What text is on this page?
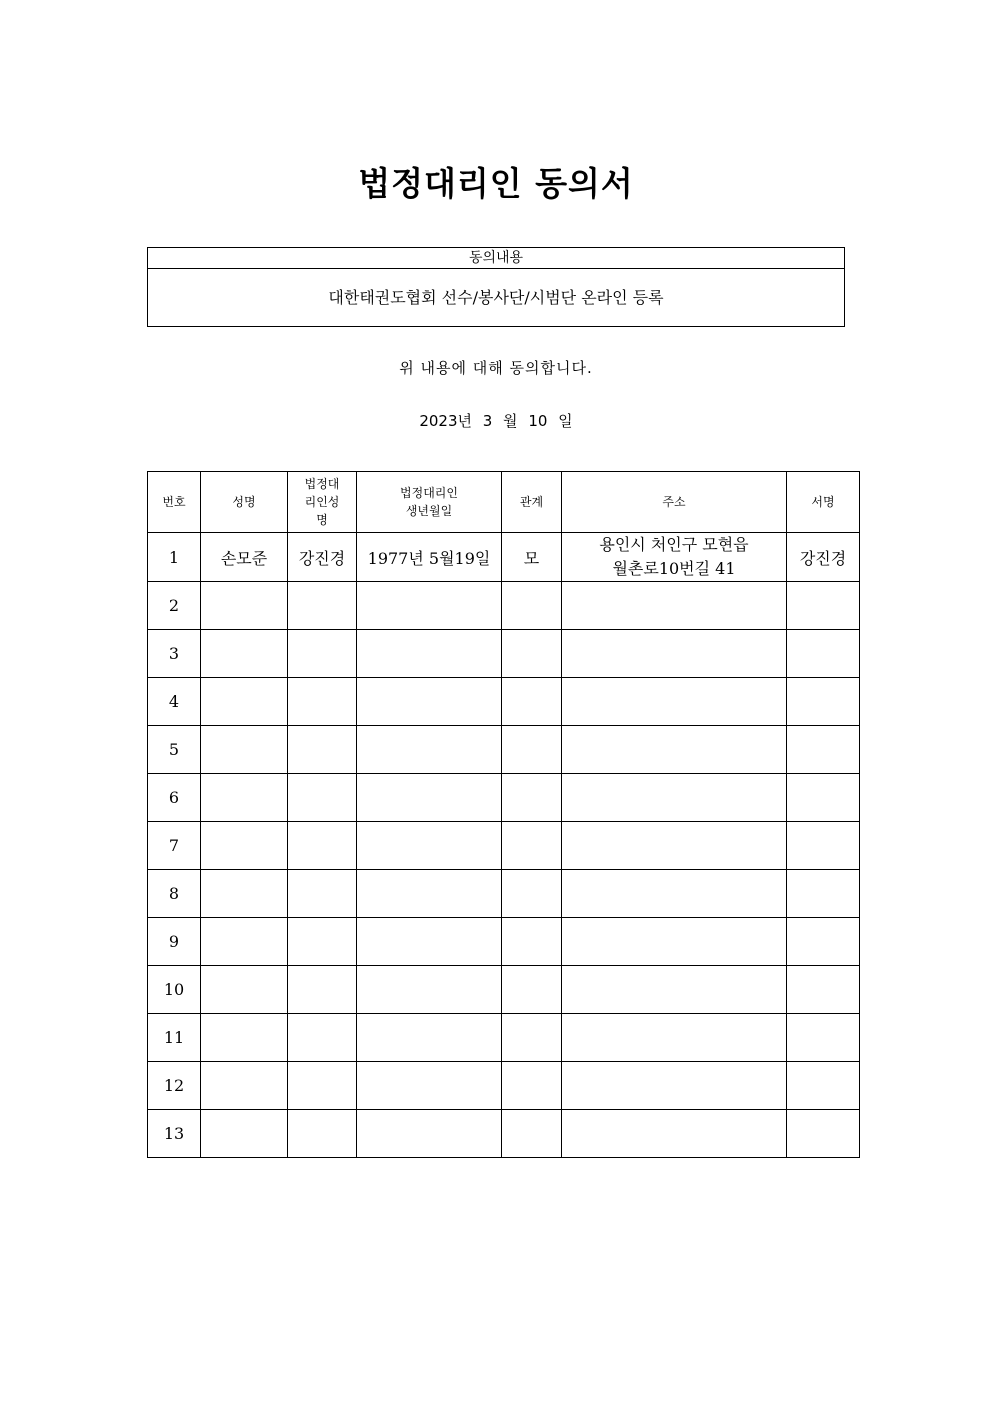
법정대리인 동의서
동의내용
대한태권도협회 선수/봉사단/시범단 온라인 등록
위 내용에 대해 동의합니다.
2023년 3 월 10 일
번호	성명	법정대리인성명	법정대리인 생년월일	관계	주소	서명
1	손모준	강진경	1977년 5월19일	모	용인시 처인구 모현읍
월촌로10번길 41	강진경
2						
3						
4						
5						
6						
7						
8						
9						
10						
11						
12						
13						
